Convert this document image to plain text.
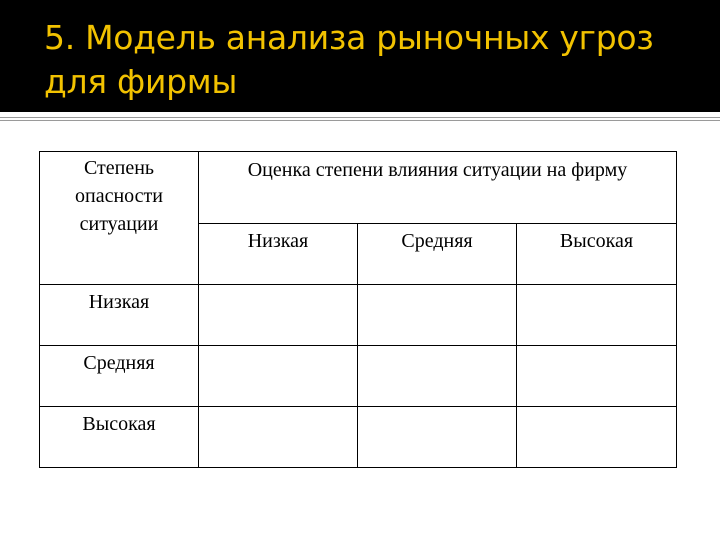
5. Модель анализа рыночных угроз для фирмы
Степень опасности ситуации	Оценка степени влияния ситуации на фирму		
	Низкая	Средняя	Высокая
Низкая			
Средняя			
Высокая			
